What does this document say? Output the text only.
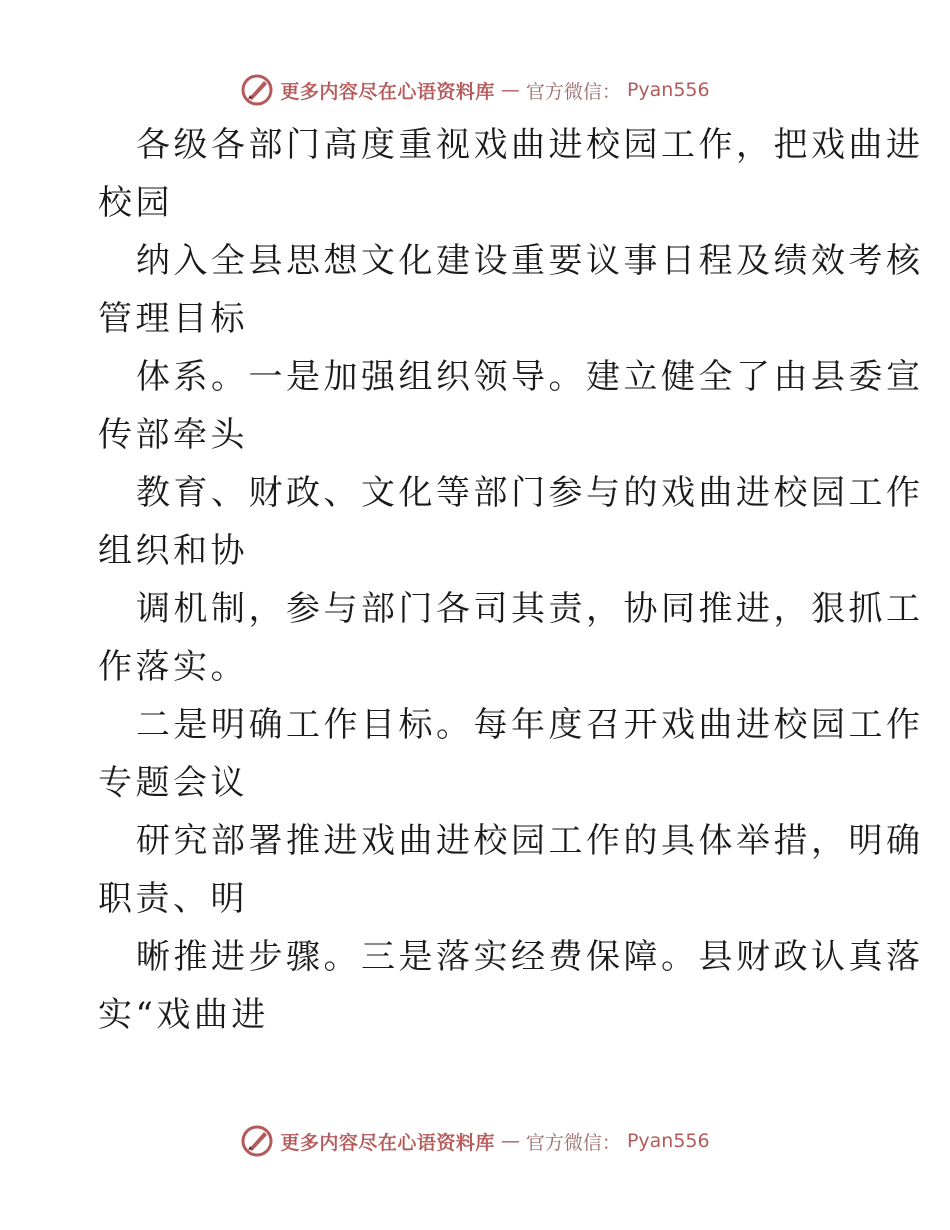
更多内容尽在心语资料库 — 官方微信： Pyan556

各级各部门高度重视戏曲进校园工作，把戏曲进
校园

纳入全县思想文化建设重要议事日程及绩效考核
管理目标

体系。一是加强组织领导。建立健全了由县委宣
传部牵头

教育、财政、文化等部门参与的戏曲进校园工作
组织和协

调机制，参与部门各司其责，协同推进，狠抓工
作落实。

二是明确工作目标。每年度召开戏曲进校园工作
专题会议

研究部署推进戏曲进校园工作的具体举措，明确
职责、明

晰推进步骤。三是落实经费保障。县财政认真落
实“戏曲进

更多内容尽在心语资料库 — 官方微信： Pyan556
